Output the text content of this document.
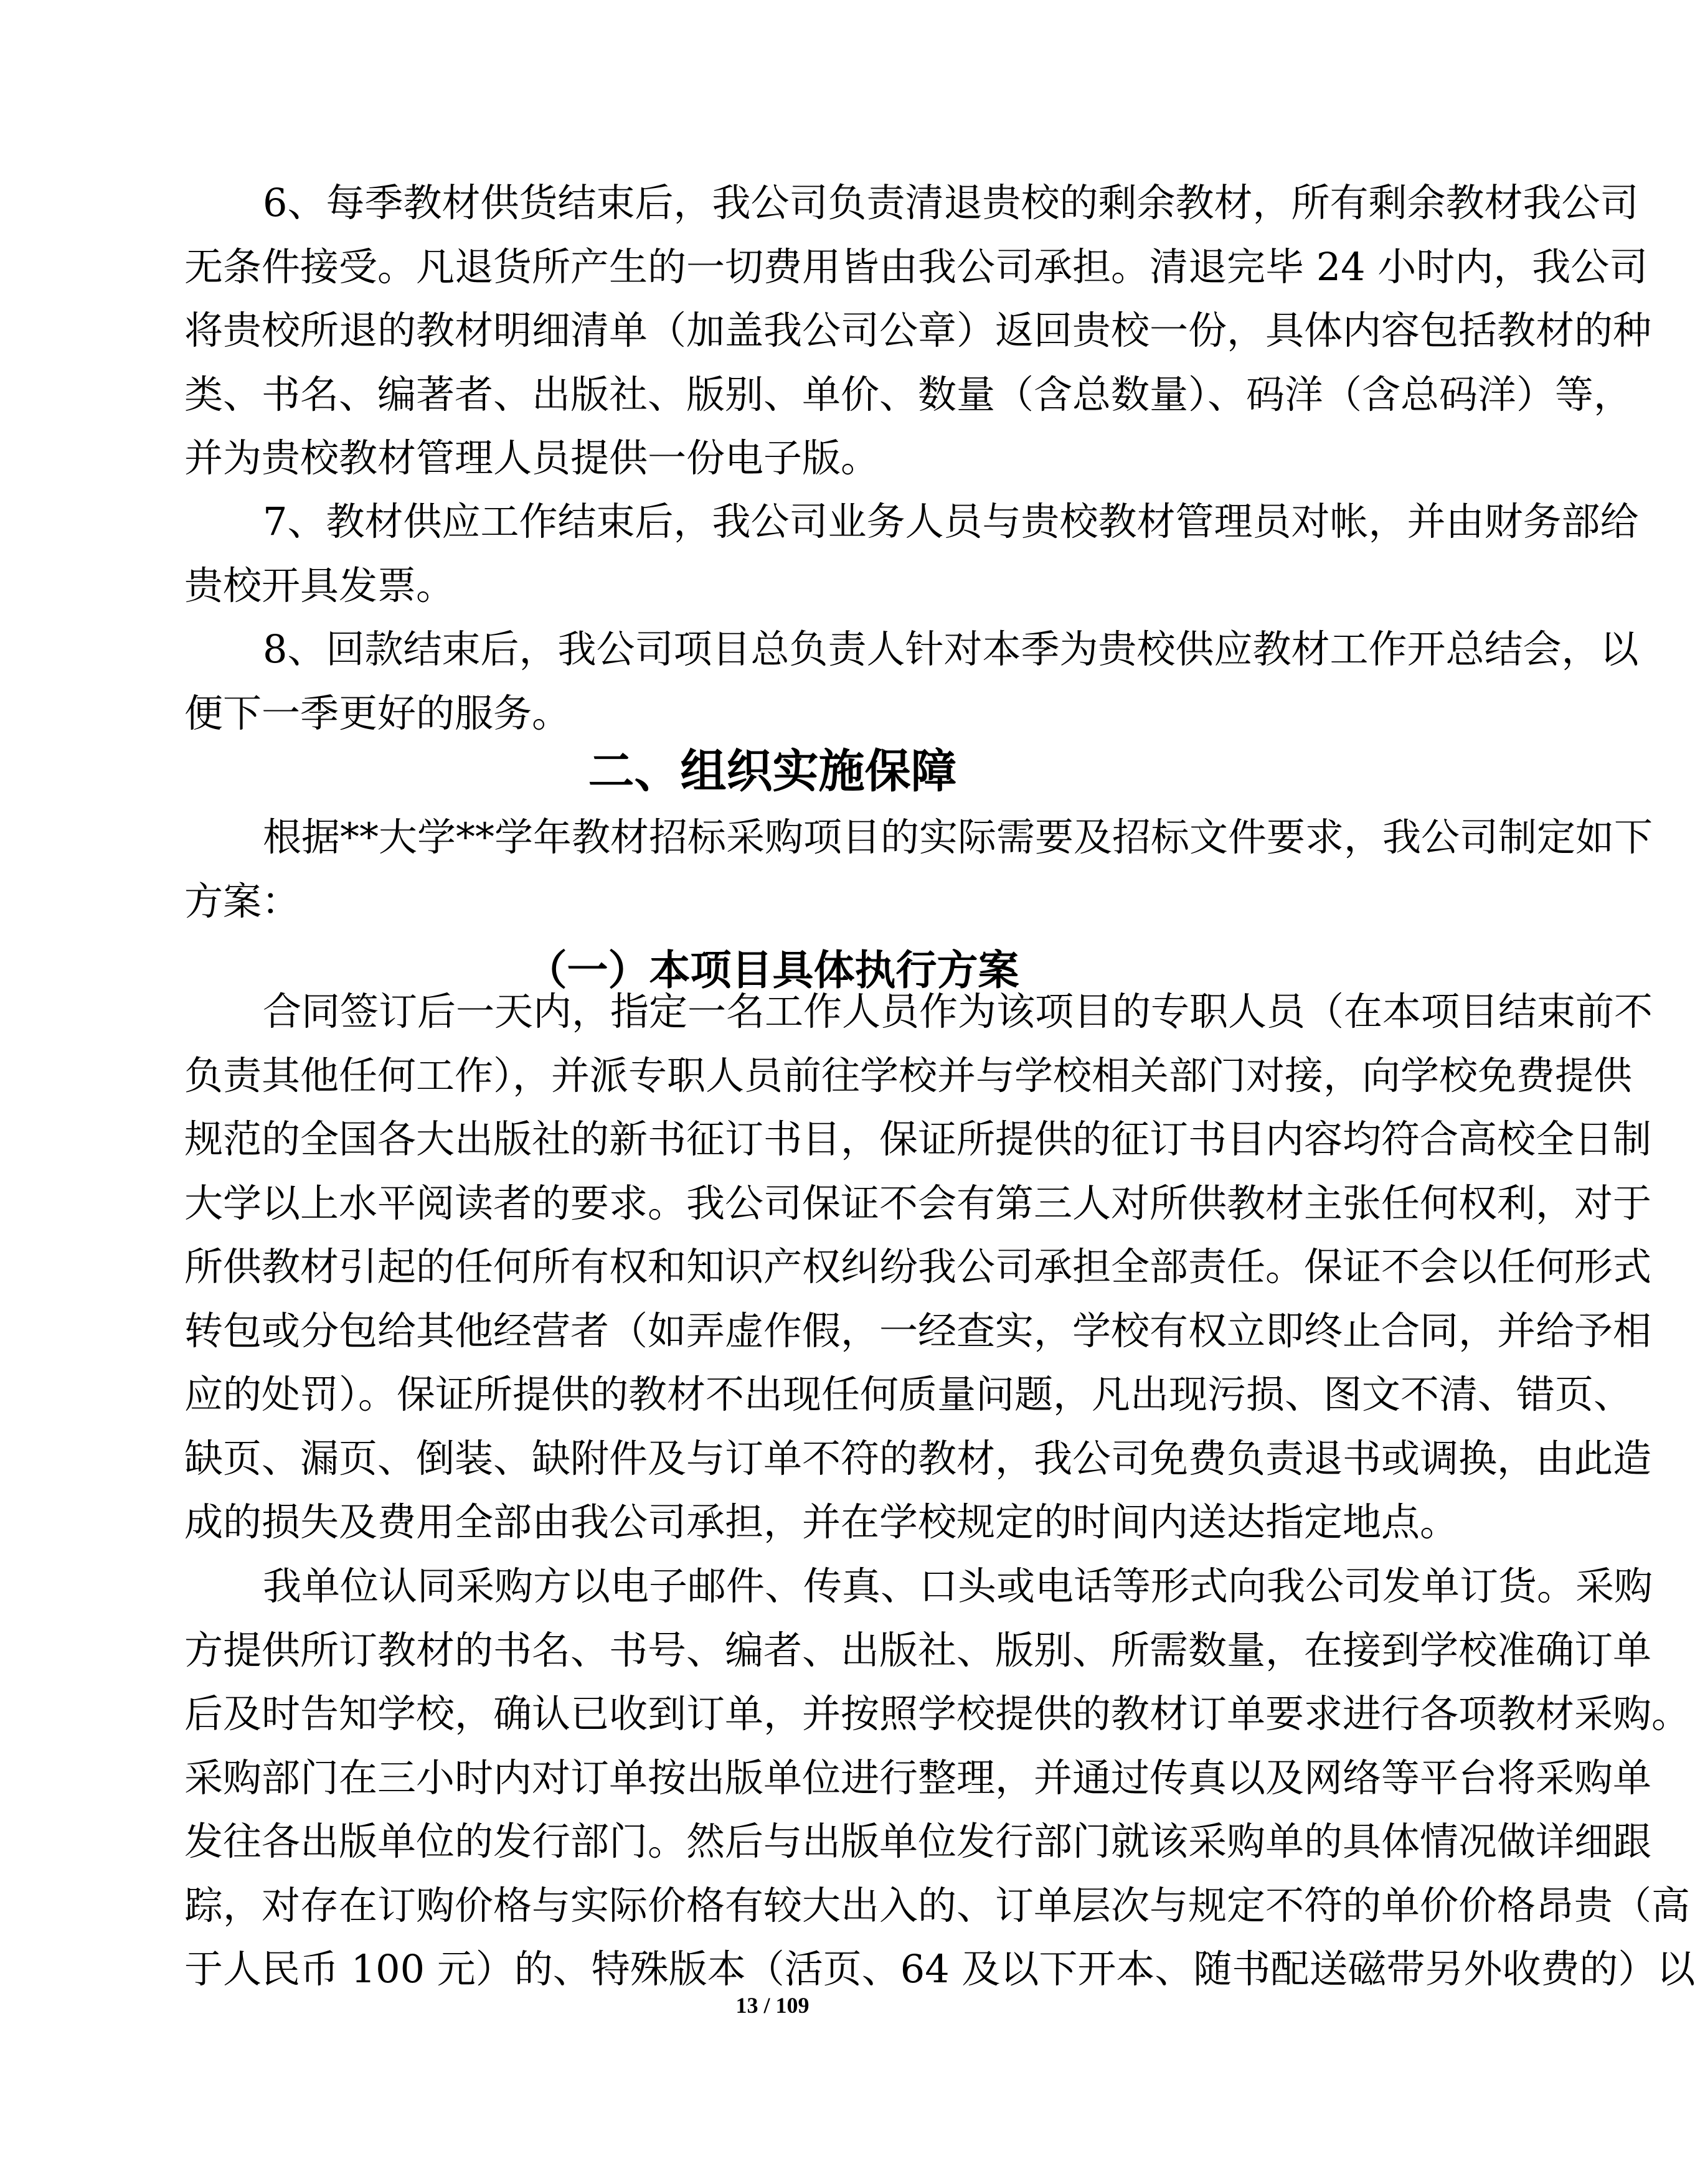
6、每季教材供货结束后，我公司负责清退贵校的剩余教材，所有剩余教材我公司
无条件接受。凡退货所产生的一切费用皆由我公司承担。清退完毕 24 小时内，我公司
将贵校所退的教材明细清单（加盖我公司公章）返回贵校一份，具体内容包括教材的种
类、书名、编著者、出版社、版别、单价、数量（含总数量）、码洋（含总码洋）等，
并为贵校教材管理人员提供一份电子版。
7、教材供应工作结束后，我公司业务人员与贵校教材管理员对帐，并由财务部给
贵校开具发票。
8、回款结束后，我公司项目总负责人针对本季为贵校供应教材工作开总结会，以
便下一季更好的服务。
二、组织实施保障
根据**大学**学年教材招标采购项目的实际需要及招标文件要求，我公司制定如下
方案：
（一）本项目具体执行方案
合同签订后一天内，指定一名工作人员作为该项目的专职人员（在本项目结束前不
负责其他任何工作），并派专职人员前往学校并与学校相关部门对接，向学校免费提供
规范的全国各大出版社的新书征订书目，保证所提供的征订书目内容均符合高校全日制
大学以上水平阅读者的要求。我公司保证不会有第三人对所供教材主张任何权利，对于
所供教材引起的任何所有权和知识产权纠纷我公司承担全部责任。保证不会以任何形式
转包或分包给其他经营者（如弄虚作假，一经查实，学校有权立即终止合同，并给予相
应的处罚）。保证所提供的教材不出现任何质量问题，凡出现污损、图文不清、错页、
缺页、漏页、倒装、缺附件及与订单不符的教材，我公司免费负责退书或调换，由此造
成的损失及费用全部由我公司承担，并在学校规定的时间内送达指定地点。
我单位认同采购方以电子邮件、传真、口头或电话等形式向我公司发单订货。采购
方提供所订教材的书名、书号、编者、出版社、版别、所需数量，在接到学校准确订单
后及时告知学校，确认已收到订单，并按照学校提供的教材订单要求进行各项教材采购。
采购部门在三小时内对订单按出版单位进行整理，并通过传真以及网络等平台将采购单
发往各出版单位的发行部门。然后与出版单位发行部门就该采购单的具体情况做详细跟
踪，对存在订购价格与实际价格有较大出入的、订单层次与规定不符的单价价格昂贵（高
于人民币 100 元）的、特殊版本（活页、64 及以下开本、随书配送磁带另外收费的）以
13 / 109
